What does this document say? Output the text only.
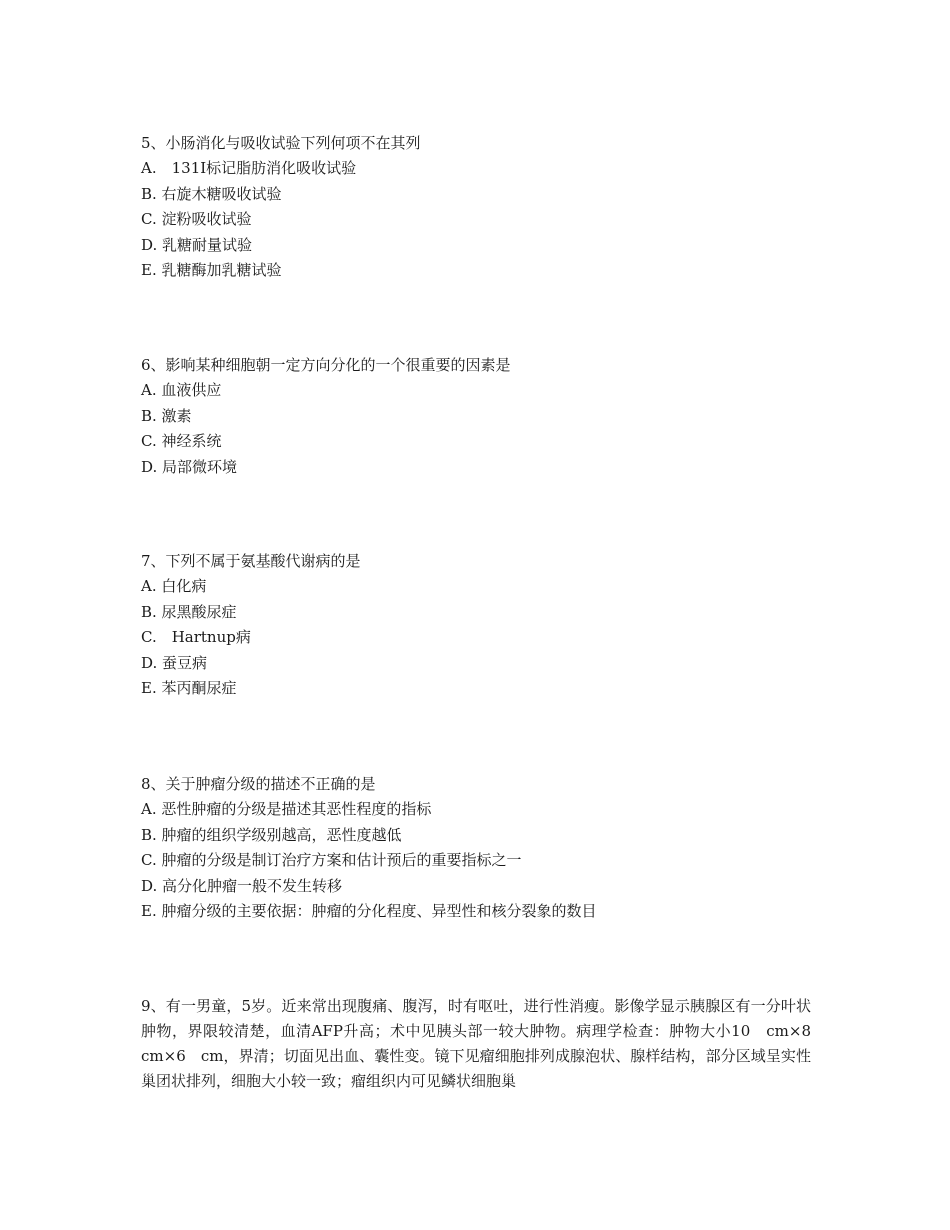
5、小肠消化与吸收试验下列何项不在其列
A.　131I标记脂肪消化吸收试验
B. 右旋木糖吸收试验
C. 淀粉吸收试验
D. 乳糖耐量试验
E. 乳糖酶加乳糖试验
6、影响某种细胞朝一定方向分化的一个很重要的因素是
A. 血液供应
B. 激素
C. 神经系统
D. 局部微环境
7、下列不属于氨基酸代谢病的是
A. 白化病
B. 尿黑酸尿症
C.　Hartnup病
D. 蚕豆病
E. 苯丙酮尿症
8、关于肿瘤分级的描述不正确的是
A. 恶性肿瘤的分级是描述其恶性程度的指标
B. 肿瘤的组织学级别越高，恶性度越低
C. 肿瘤的分级是制订治疗方案和估计预后的重要指标之一
D. 高分化肿瘤一般不发生转移
E. 肿瘤分级的主要依据：肿瘤的分化程度、异型性和核分裂象的数目
9、有一男童，5岁。近来常出现腹痛、腹泻，时有呕吐，进行性消瘦。影像学显示胰腺区有一分叶状肿物，界限较清楚，血清AFP升高；术中见胰头部一较大肿物。病理学检查：肿物大小10　cm×8　cm×6　cm，界清；切面见出血、囊性变。镜下见瘤细胞排列成腺泡状、腺样结构，部分区域呈实性巢团状排列，细胞大小较一致；瘤组织内可见鳞状细胞巢
